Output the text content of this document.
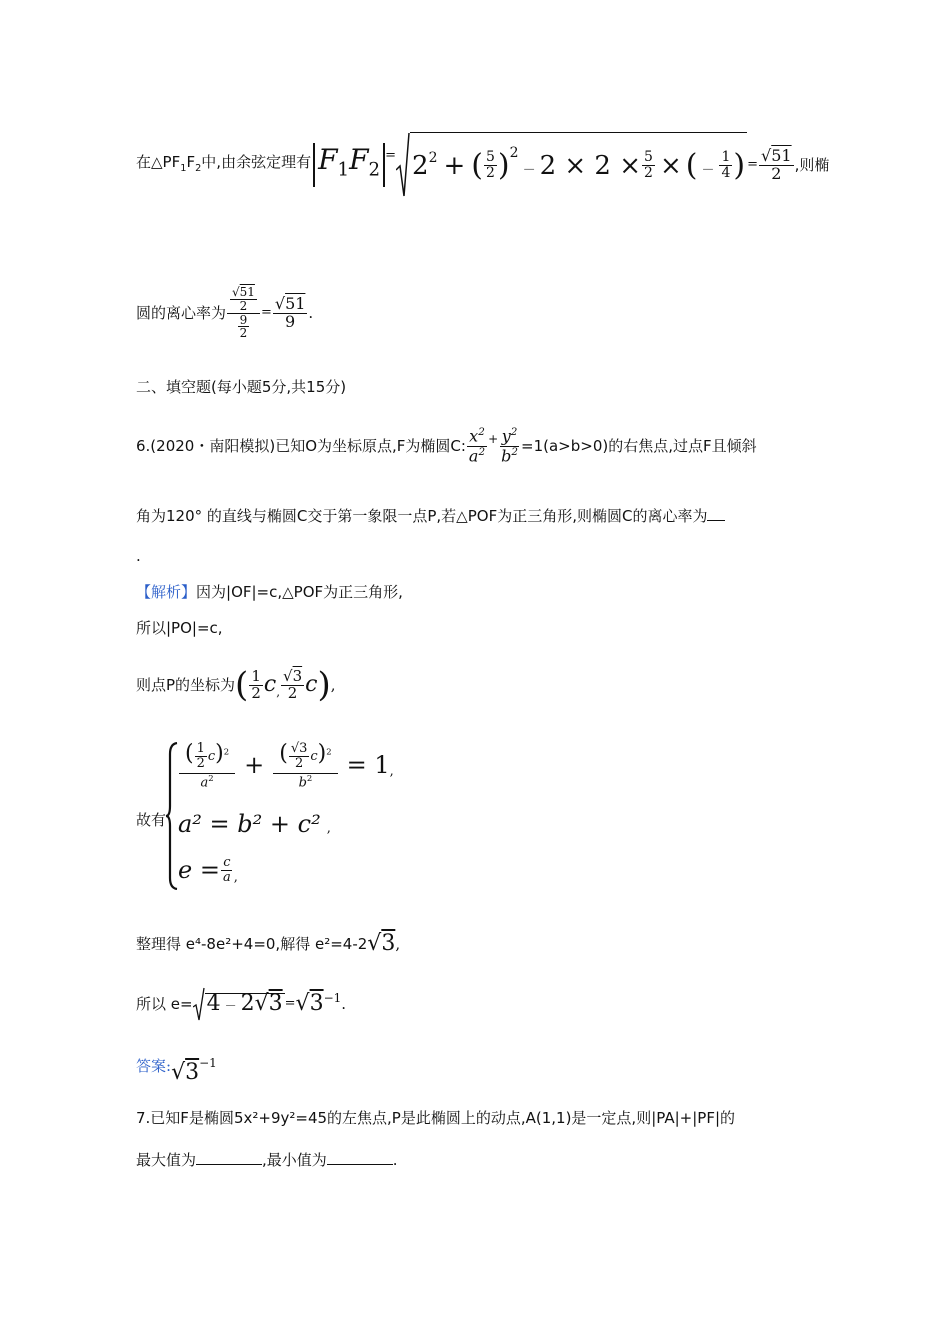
在$\triangle PF_1F_2$中,由余弦定理有 $F_1F_2$
= $2^2$ + ( $\frac{5}{2} )^2$
－ $2 \times 2 \times \frac{5}{2}$ × ( － $\frac{1}{4}$ ) = $\frac{√51}{2}$ ,则椭
圆的离心率为 $\frac{\frac{√51}{2}}{\frac{9}{2}} = \frac{√51}{9}$ .
二、填空题(每小题5分,共15分)
6.(2020・南阳模拟)已知O为坐标原点,F为椭圆C: $\frac{x^2}{a^2} + \frac{y^2}{b^2} =1(a>b>0)$的右焦点,过点F且倾斜
角为120° 的直线与椭圆C交于第一象限一点P,若△POF为正三角形,则椭圆C的离心率为
.
【解析】因为|OF|=c,△POF为正三角形,
所以|PO|=c,
则点P的坐标为 ( $\frac{1}{2}$ c , $\frac{√3}{2}$ c ) ,
故有
$\frac{( \frac{1}{2} c)^2}{a^2} + \frac{( \frac{√3}{2} c)^2}{b^2} = 1$ ,
a² = b² + c² ,
$e = \frac{c}{a}$ ,
整理得 e⁴-8e²+4=0,解得 e²=4-2 √3 ,
所以 $e= 4 - 2√3 = √3^{-1}$ .
答案 : $√3^{-1}$
7.已知F是椭圆5x²+9y²=45的左焦点,P是此椭圆上的动点,A(1,1)是一定点,则|PA|+|PF|的
最大值为	,最小值为	.
